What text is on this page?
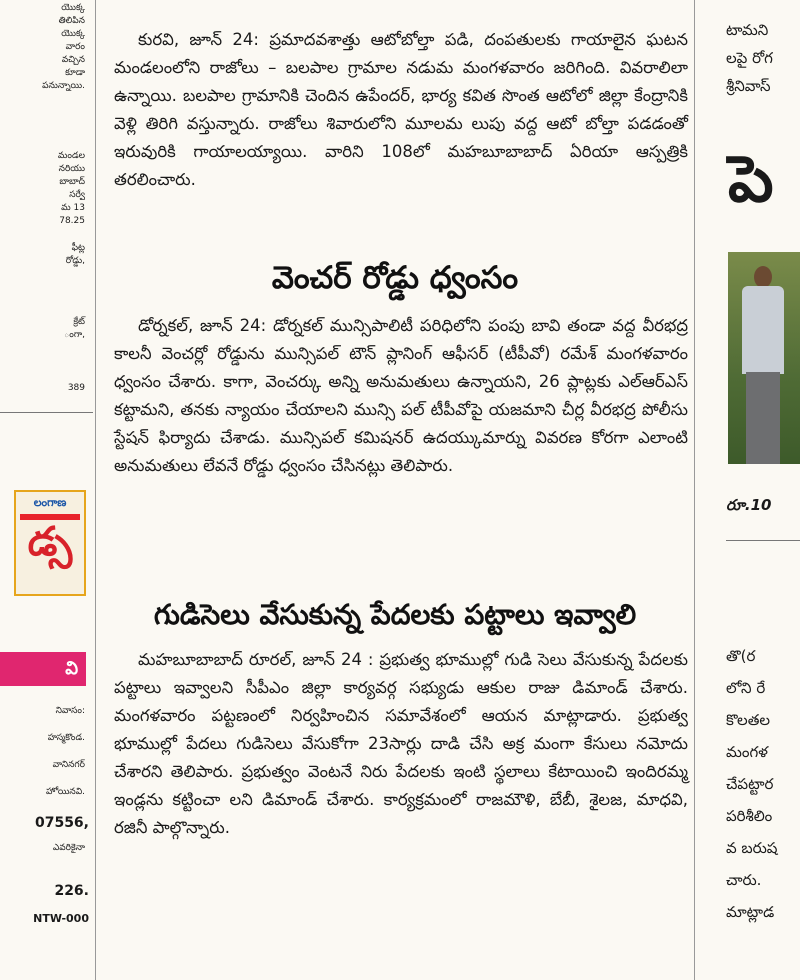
యొక్క
తిలిపిన
యొక్క
వారం
వచ్చిన
కూడా
పనున్నాయి.
మండల
నరియు
బాబాద్
సర్వే
మ 13
78.25
ఫీట్ల
రోడ్డు,
క్రేట్
ంగా,
389
లంగాణ
డ్స
వి
నివాసం:
హస్మకొండ.
వానినగర్
హోయినవి.
07556,
ఎవరికైనా
226.
NTW-000
కురవి, జూన్ 24: ప్రమాదవశాత్తు ఆటోబోల్తా పడి, దంపతులకు గాయాలైన ఘటన మండలంలోని రాజోలు – బలపాల గ్రామాల నడుమ మంగళవారం జరిగింది. వివరాలిలా ఉన్నాయి. బలపాల గ్రామానికి చెందిన ఉపేందర్, భార్య కవిత సొంత ఆటోలో జిల్లా కేంద్రానికి వెళ్లి తిరిగి వస్తున్నారు. రాజోలు శివారులోని మూలమ లుపు వద్ద ఆటో బోల్తా పడడంతో ఇరువురికి గాయాలయ్యాయి. వారిని 108లో మహబూబాబాద్ ఏరియా ఆస్పత్రికి తరలించారు.
వెంచర్ రోడ్డు ధ్వంసం
డోర్నకల్, జూన్ 24: డోర్నకల్ మున్సిపాలిటీ పరిధిలోని పంపు బావి తండా వద్ద వీరభద్ర కాలనీ వెంచర్లో రోడ్డును మున్సిపల్ టౌన్ ప్లానింగ్ ఆఫీసర్ (టీపీవో) రమేశ్ మంగళవారం ధ్వంసం చేశారు. కాగా, వెంచర్కు అన్ని అనుమతులు ఉన్నాయని, 26 ప్లాట్లకు ఎల్ఆర్ఎస్ కట్టామని, తనకు న్యాయం చేయాలని మున్సి పల్ టీపీవోపై యజమాని చీర్ల వీరభద్ర పోలీసు స్టేషన్ ఫిర్యాదు చేశాడు. మున్సిపల్ కమిషనర్ ఉదయ్కుమార్ను వివరణ కోరగా ఎలాంటి అనుమతులు లేవనే రోడ్డు ధ్వంసం చేసినట్లు తెలిపారు.
గుడిసెలు వేసుకున్న పేదలకు పట్టాలు ఇవ్వాలి
మహబూబాబాద్ రూరల్, జూన్ 24 : ప్రభుత్వ భూముల్లో గుడి సెలు వేసుకున్న పేదలకు పట్టాలు ఇవ్వాలని సీపీఎం జిల్లా కార్యవర్గ సభ్యుడు ఆకుల రాజు డిమాండ్ చేశారు. మంగళవారం పట్టణంలో నిర్వహించిన సమావేశంలో ఆయన మాట్లాడారు. ప్రభుత్వ భూముల్లో పేదలు గుడిసెలు వేసుకోగా 23సార్లు దాడి చేసి అక్ర మంగా కేసులు నమోదు చేశారని తెలిపారు. ప్రభుత్వం వెంటనే నిరు పేదలకు ఇంటి స్థలాలు కేటాయించి ఇందిరమ్మ ఇండ్లను కట్టించా లని డిమాండ్ చేశారు. కార్యక్రమంలో రాజమౌళి, బేబీ, శైలజ, మాధవి, రజినీ పాల్గొన్నారు.
టామని
లపై రోగ
శ్రీనివాస్
పె
రూ.10
తొ(ర
లోని రే
కొలతల
మంగళ
చేపట్టార
పరిశీలిం
వ బరుష
చారు.
మాట్లాడ
